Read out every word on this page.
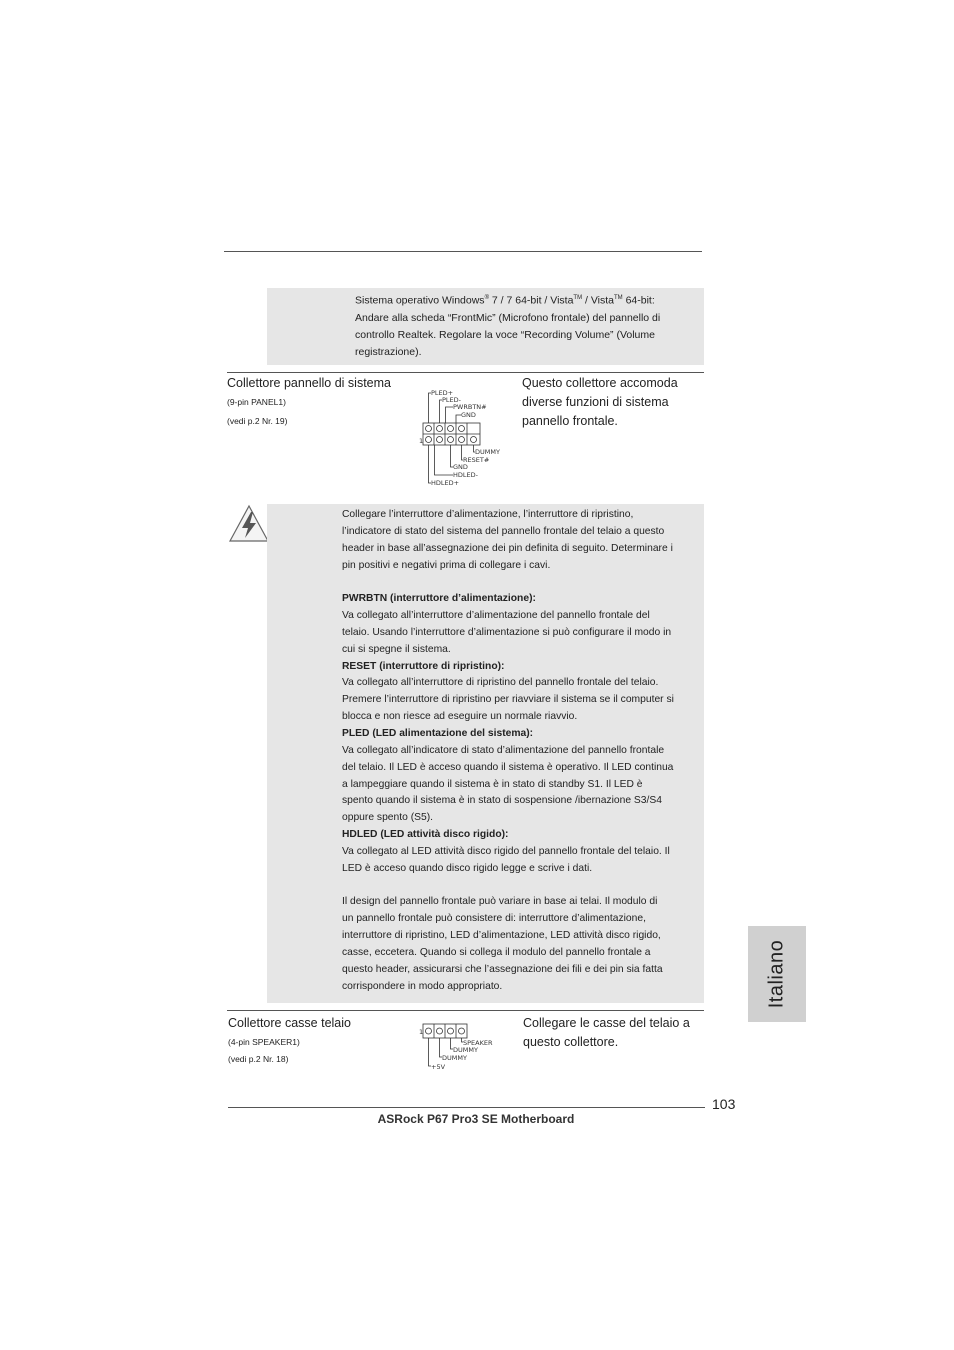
Sistema operativo Windows® 7 / 7 64-bit / Vista™ / Vista™ 64-bit:
Andare alla scheda “FrontMic” (Microfono frontale) del pannello di
controllo Realtek. Regolare la voce “Recording Volume” (Volume
registrazione).
Collettore pannello di sistema
(9-pin PANEL1)
(vedi p.2 Nr. 19)
Questo collettore accomoda
diverse funzioni di sistema
pannello frontale.
1
PLED+
PLED-
PWRBTN#
GND
DUMMY
RESET#
GND
HDLED-
HDLED+

Collegare l’interruttore d’alimentazione, l’interruttore di ripristino,

l’indicatore di stato del sistema del pannello frontale del telaio a questo

header in base all’assegnazione dei pin definita di seguito. Determinare i

pin positivi e negativi prima di collegare i cavi.

PWRBTN (interruttore d’alimentazione):

Va collegato all’interruttore d’alimentazione del pannello frontale del

telaio. Usando l’interruttore d’alimentazione si può configurare il modo in

cui si spegne il sistema.

RESET (interruttore di ripristino):

Va collegato all’interruttore di ripristino del pannello frontale del telaio.

Premere l’interruttore di ripristino per riavviare il sistema se il computer si

blocca e non riesce ad eseguire un normale riavvio.

PLED (LED alimentazione del sistema):

Va collegato all’indicatore di stato d’alimentazione del pannello frontale

del telaio. Il LED è acceso quando il sistema è operativo. Il LED continua

a lampeggiare quando il sistema è in stato di standby S1. Il LED è

spento quando il sistema è in stato di sospensione /ibernazione S3/S4

oppure spento (S5).

HDLED (LED attività disco rigido):

Va collegato al LED attività disco rigido del pannello frontale del telaio. Il

LED è acceso quando disco rigido legge e scrive i dati.

Il design del pannello frontale può variare in base ai telai. Il modulo di

un pannello frontale può consistere di: interruttore d’alimentazione,

interruttore di ripristino, LED d’alimentazione, LED attività disco rigido,

casse, eccetera. Quando si collega il modulo del pannello frontale a

questo header, assicurarsi che l’assegnazione dei fili e dei pin sia fatta

corrispondere in modo appropriato.

Collettore casse telaio
(4-pin SPEAKER1)
(vedi p.2 Nr. 18)
Collegare le casse del telaio a
questo collettore.
1
SPEAKER
DUMMY
DUMMY
+5V
Italiano
103
ASRock P67 Pro3 SE Motherboard
